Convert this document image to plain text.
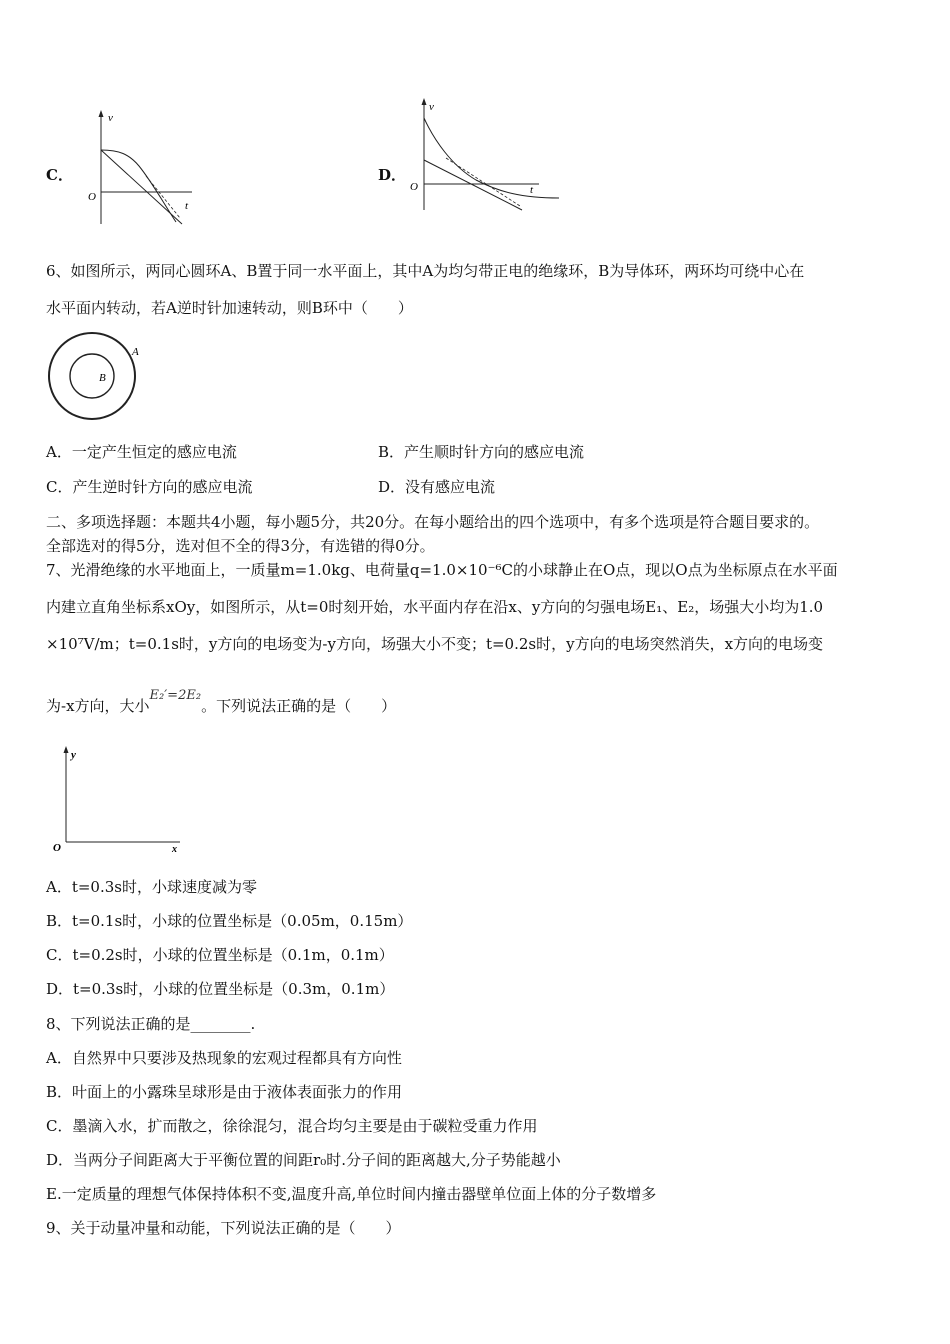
C．
v
t
O
D．
v
t
O
6、如图所示，两同心圆环A、B置于同一水平面上，其中A为均匀带正电的绝缘环，B为导体环，两环均可绕中心在
水平面内转动，若A逆时针加速转动，则B环中（　　）
A
B
A．一定产生恒定的感应电流	B．产生顺时针方向的感应电流
C．产生逆时针方向的感应电流	D．没有感应电流
二、多项选择题：本题共4小题，每小题5分，共20分。在每小题给出的四个选项中，有多个选项是符合题目要求的。
全部选对的得5分，选对但不全的得3分，有选错的得0分。
7、光滑绝缘的水平地面上，一质量m=1.0kg、电荷量q=1.0×10⁻⁶C的小球静止在O点，现以O点为坐标原点在水平面
内建立直角坐标系xOy，如图所示，从t=0时刻开始，水平面内存在沿x、y方向的匀强电场E₁、E₂，场强大小均为1.0
×10⁷V/m；t=0.1s时，y方向的电场变为-y方向，场强大小不变；t=0.2s时，y方向的电场突然消失，x方向的电场变
为-x方向，大小E₂′=2E₂。下列说法正确的是（　　）
y
x
O
A．t=0.3s时，小球速度减为零
B．t=0.1s时，小球的位置坐标是（0.05m，0.15m）
C．t=0.2s时，小球的位置坐标是（0.1m，0.1m）
D．t=0.3s时，小球的位置坐标是（0.3m，0.1m）
8、下列说法正确的是________.
A．自然界中只要涉及热现象的宏观过程都具有方向性
B．叶面上的小露珠呈球形是由于液体表面张力的作用
C．墨滴入水，扩而散之，徐徐混匀，混合均匀主要是由于碳粒受重力作用
D．当两分子间距离大于平衡位置的间距r₀时.分子间的距离越大,分子势能越小
E.一定质量的理想气体保持体积不变,温度升高,单位时间内撞击器壁单位面上体的分子数增多
9、关于动量冲量和动能，下列说法正确的是（　　）
